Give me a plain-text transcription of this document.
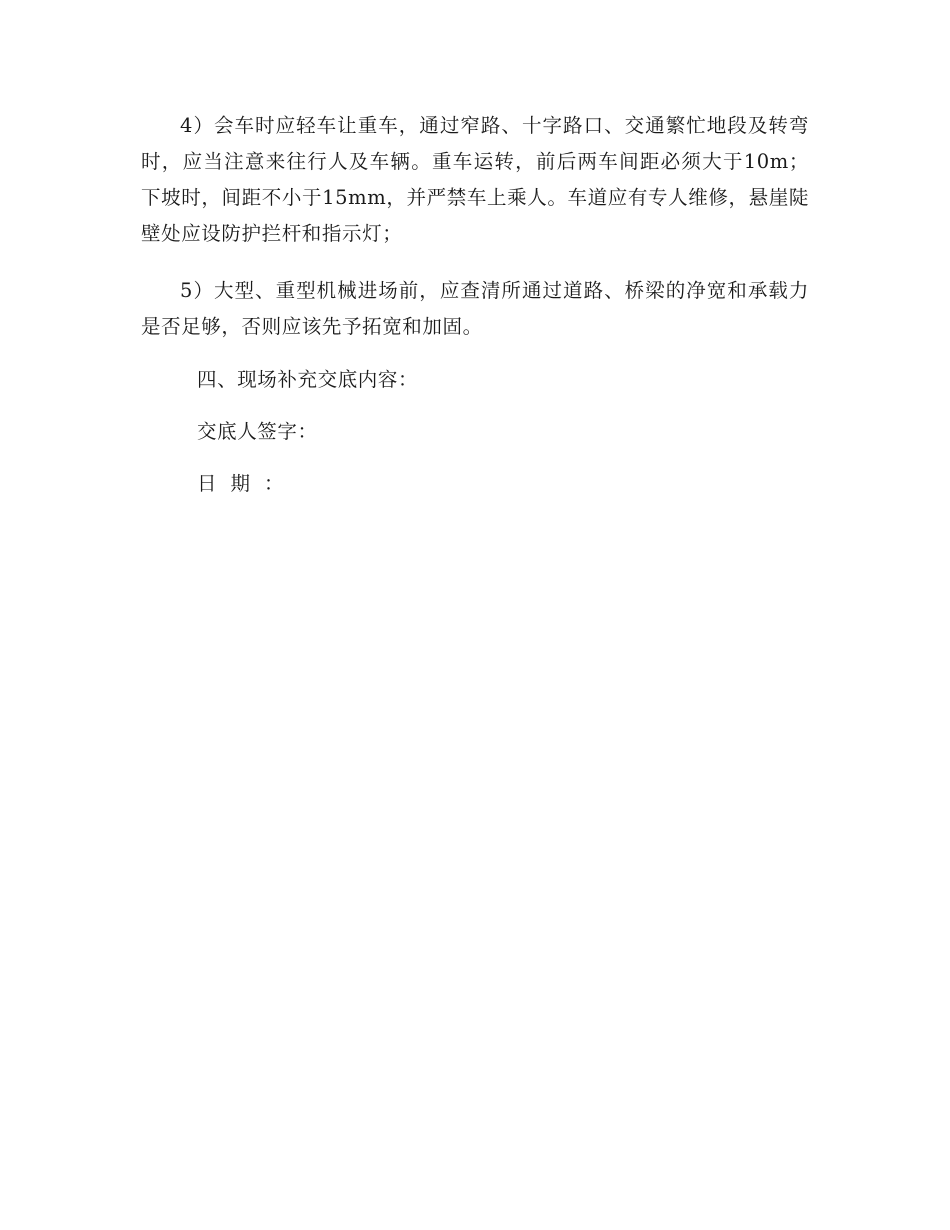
4）会车时应轻车让重车，通过窄路、十字路口、交通繁忙地段及转弯时，应当注意来往行人及车辆。重车运转，前后两车间距必须大于10m；下坡时，间距不小于15mm，并严禁车上乘人。车道应有专人维修，悬崖陡壁处应设防护拦杆和指示灯；

5）大型、重型机械进场前，应查清所通过道路、桥梁的净宽和承载力是否足够，否则应该先予拓宽和加固。

四、现场补充交底内容：

交底人签字：

日期：
